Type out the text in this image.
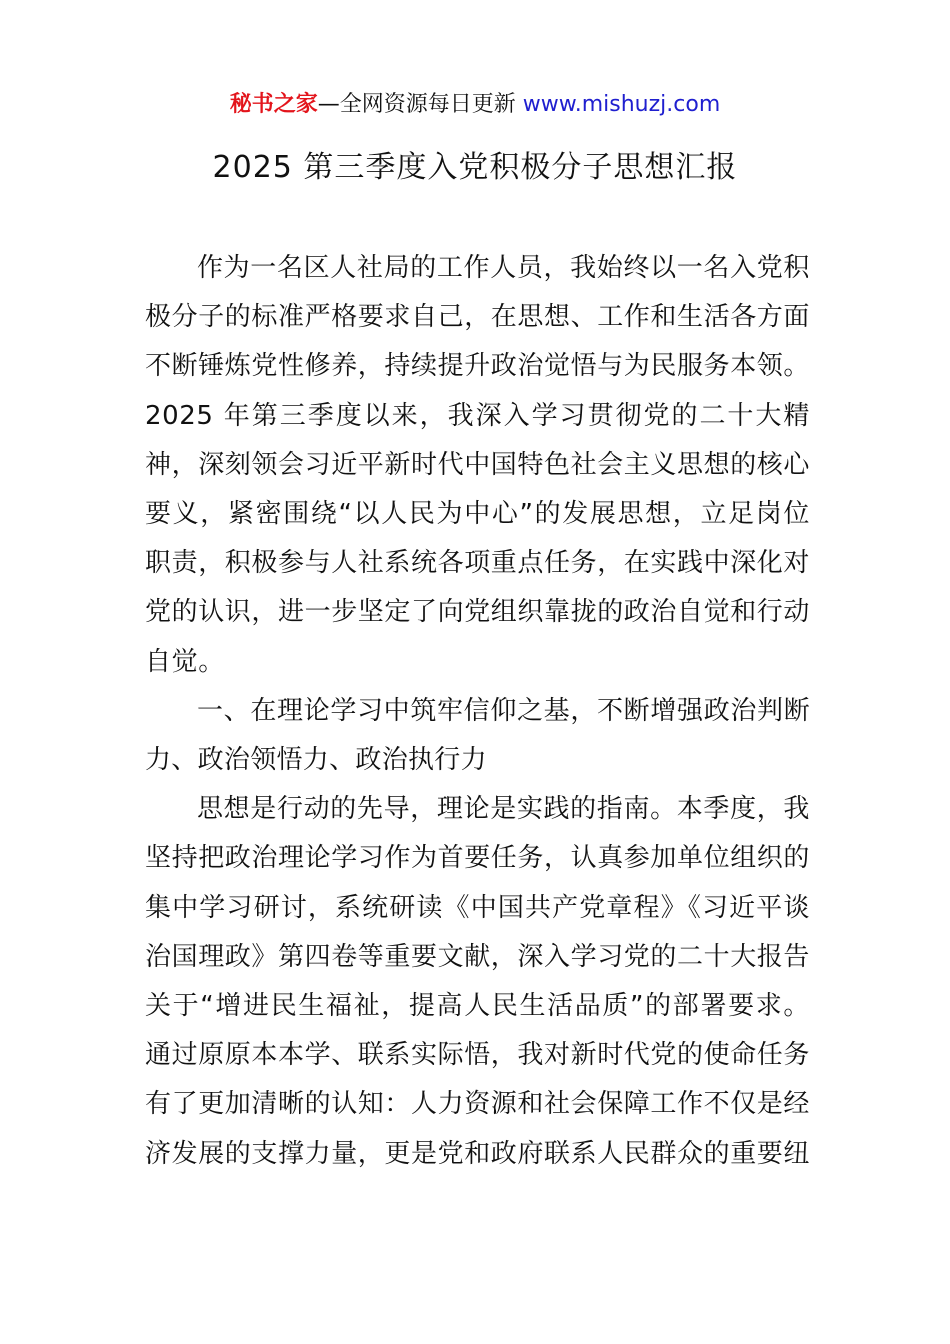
秘书之家—全网资源每日更新 www.mishuzj.com
2025 第三季度入党积极分子思想汇报

作为一名区人社局的工作人员，我始终以一名入党积极分子的标准严格要求自己，在思想、工作和生活各方面不断锤炼党性修养，持续提升政治觉悟与为民服务本领。2025 年第三季度以来，我深入学习贯彻党的二十大精神，深刻领会习近平新时代中国特色社会主义思想的核心要义，紧密围绕“以人民为中心”的发展思想，立足岗位职责，积极参与人社系统各项重点任务，在实践中深化对党的认识，进一步坚定了向党组织靠拢的政治自觉和行动自觉。

一、在理论学习中筑牢信仰之基，不断增强政治判断力、政治领悟力、政治执行力

思想是行动的先导，理论是实践的指南。本季度，我坚持把政治理论学习作为首要任务，认真参加单位组织的集中学习研讨，系统研读《中国共产党章程》《习近平谈治国理政》第四卷等重要文献，深入学习党的二十大报告关于“增进民生福祉，提高人民生活品质”的部署要求。通过原原本本学、联系实际悟，我对新时代党的使命任务有了更加清晰的认知：人力资源和社会保障工作不仅是经济发展的支撑力量，更是党和政府联系人民群众的重要纽
